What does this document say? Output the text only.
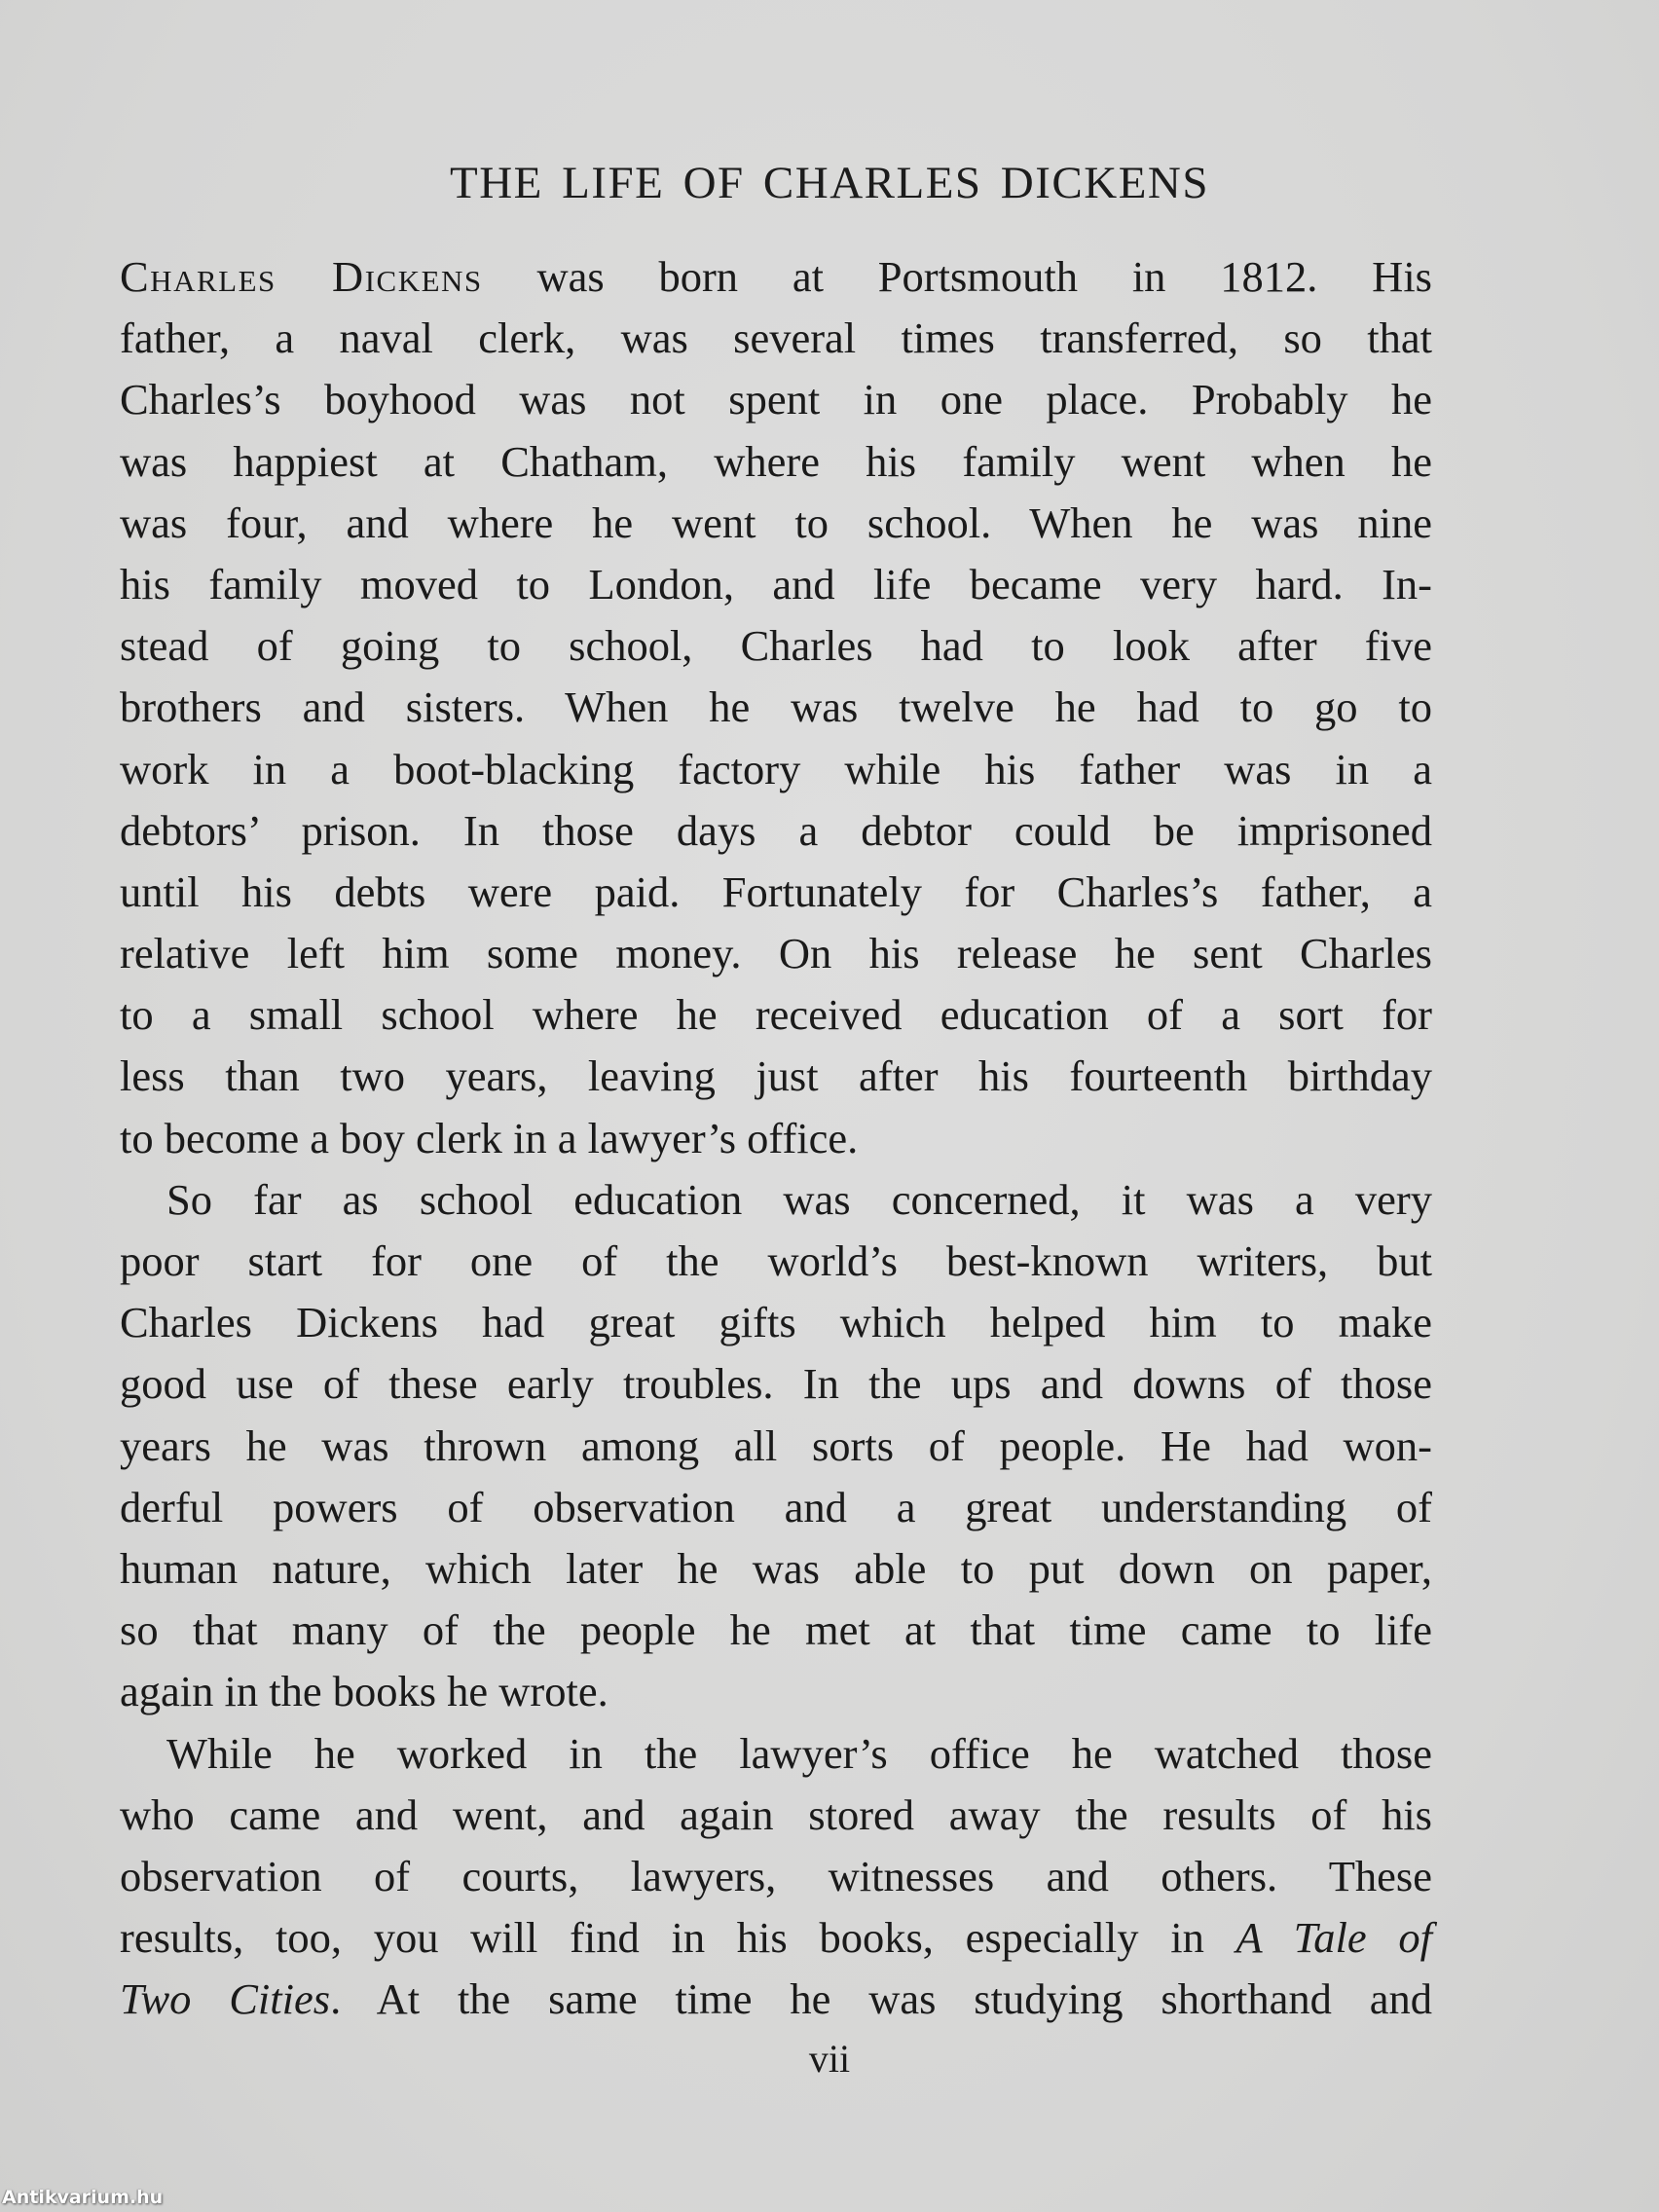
THE LIFE OF CHARLES DICKENS
Charles Dickens was born at Portsmouth in 1812. His
father, a naval clerk, was several times transferred, so that
Charles’s boyhood was not spent in one place. Probably he
was happiest at Chatham, where his family went when he
was four, and where he went to school. When he was nine
his family moved to London, and life became very hard. In-
stead of going to school, Charles had to look after five
brothers and sisters. When he was twelve he had to go to
work in a boot-blacking factory while his father was in a
debtors’ prison. In those days a debtor could be imprisoned
until his debts were paid. Fortunately for Charles’s father, a
relative left him some money. On his release he sent Charles
to a small school where he received education of a sort for
less than two years, leaving just after his fourteenth birthday
to become a boy clerk in a lawyer’s office.
So far as school education was concerned, it was a very
poor start for one of the world’s best-known writers, but
Charles Dickens had great gifts which helped him to make
good use of these early troubles. In the ups and downs of those
years he was thrown among all sorts of people. He had won-
derful powers of observation and a great understanding of
human nature, which later he was able to put down on paper,
so that many of the people he met at that time came to life
again in the books he wrote.
While he worked in the lawyer’s office he watched those
who came and went, and again stored away the results of his
observation of courts, lawyers, witnesses and others. These
results, too, you will find in his books, especially in A Tale of
Two Cities. At the same time he was studying shorthand and
vii
Antikvarium.hu
